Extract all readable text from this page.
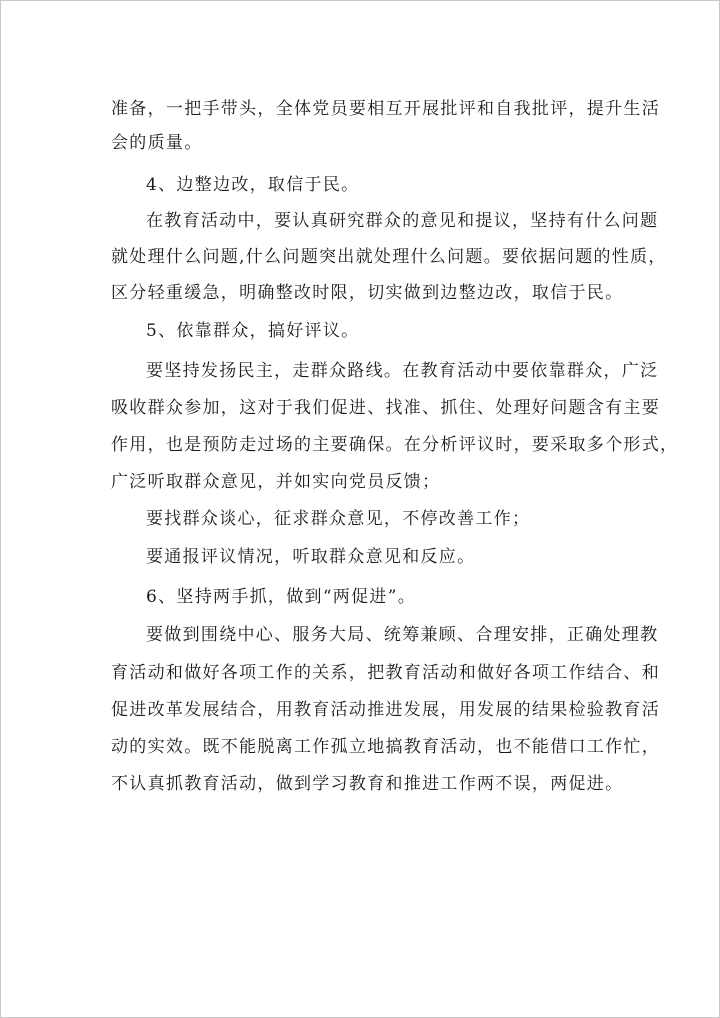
准备，一把手带头，全体党员要相互开展批评和自我批评，提升生活
会的质量。
4、边整边改，取信于民。
在教育活动中，要认真研究群众的意见和提议，坚持有什么问题
就处理什么问题,什么问题突出就处理什么问题。要依据问题的性质，
区分轻重缓急，明确整改时限，切实做到边整边改，取信于民。
5、依靠群众，搞好评议。
要坚持发扬民主，走群众路线。在教育活动中要依靠群众，广泛
吸收群众参加，这对于我们促进、找准、抓住、处理好问题含有主要
作用，也是预防走过场的主要确保。在分析评议时，要采取多个形式，
广泛听取群众意见，并如实向党员反馈；
要找群众谈心，征求群众意见，不停改善工作；
要通报评议情况，听取群众意见和反应。
6、坚持两手抓，做到“两促进”。
要做到围绕中心、服务大局、统筹兼顾、合理安排，正确处理教
育活动和做好各项工作的关系，把教育活动和做好各项工作结合、和
促进改革发展结合，用教育活动推进发展，用发展的结果检验教育活
动的实效。既不能脱离工作孤立地搞教育活动，也不能借口工作忙，
不认真抓教育活动，做到学习教育和推进工作两不误，两促进。
